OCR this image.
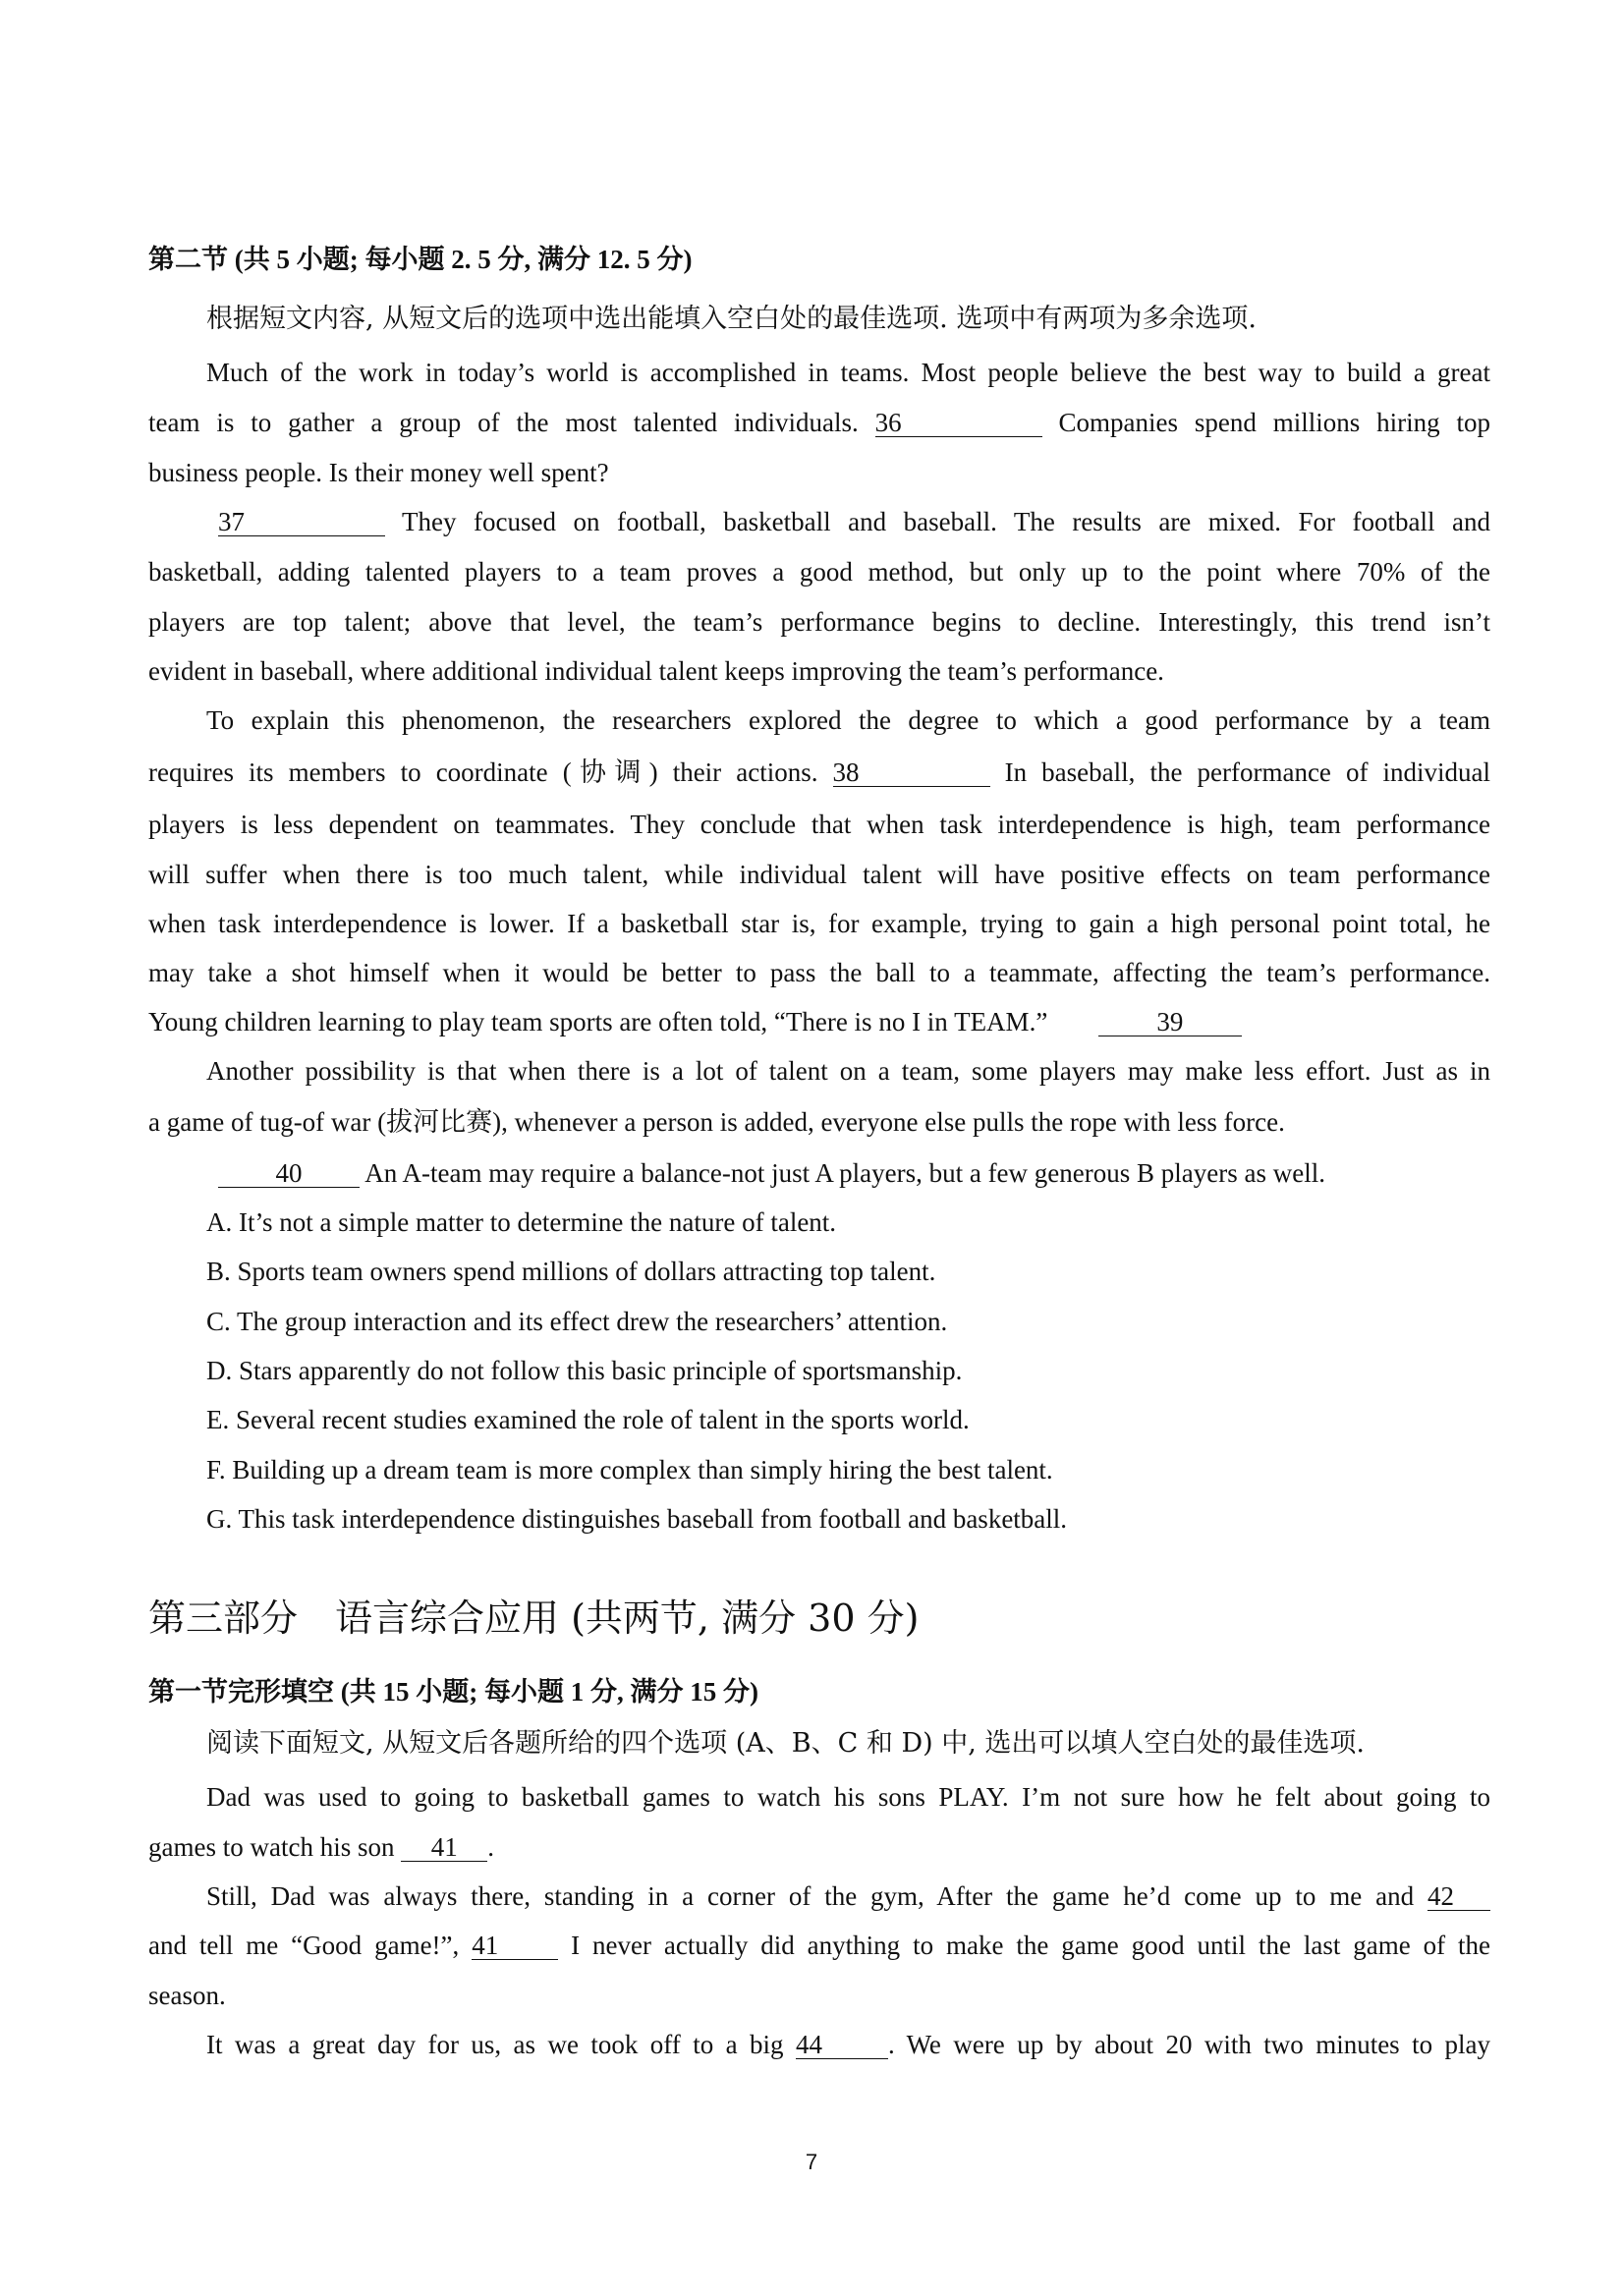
第二节 (共 5 小题; 每小题 2. 5 分, 满分 12. 5 分)
根据短文内容, 从短文后的选项中选出能填入空白处的最佳选项. 选项中有两项为多余选项.
Much of the work in today’s world is accomplished in teams. Most people believe the best way to build a great
team is to gather a group of the most talented individuals. 36	Companies spend millions hiring top
business people. Is their money well spent?
37	They focused on football, basketball and baseball. The results are mixed. For football and
basketball, adding talented players to a team proves a good method, but only up to the point where 70% of the
players are top talent; above that level, the team’s performance begins to decline. Interestingly, this trend isn’t
evident in baseball, where additional individual talent keeps improving the team’s performance.
To explain this phenomenon, the researchers explored the degree to which a good performance by a team
requires its members to coordinate (协调) their actions. 38	In baseball, the performance of individual
players is less dependent on teammates. They conclude that when task interdependence is high, team performance
will suffer when there is too much talent, while individual talent will have positive effects on team performance
when task interdependence is lower. If a basketball star is, for example, trying to gain a high personal point total, he
may take a shot himself when it would be better to pass the ball to a teammate, affecting the team’s performance.
Young children learning to play team sports are often told, “There is no I in TEAM.”	39
Another possibility is that when there is a lot of talent on a team, some players may make less effort. Just as in
a game of tug-of war (拔河比赛), whenever a person is added, everyone else pulls the rope with less force.
40 An A-team may require a balance-not just A players, but a few generous B players as well.
A. It’s not a simple matter to determine the nature of talent.
B. Sports team owners spend millions of dollars attracting top talent.
C. The group interaction and its effect drew the researchers’ attention.
D. Stars apparently do not follow this basic principle of sportsmanship.
E. Several recent studies examined the role of talent in the sports world.
F. Building up a dream team is more complex than simply hiring the best talent.
G. This task interdependence distinguishes baseball from football and basketball.
第三部分　语言综合应用 (共两节, 满分 30 分)
第一节完形填空 (共 15 小题; 每小题 1 分, 满分 15 分)
阅读下面短文, 从短文后各题所给的四个选项 (A、B、C 和 D) 中, 选出可以填人空白处的最佳选项.
Dad was used to going to basketball games to watch his sons PLAY. I’m not sure how he felt about going to
games to watch his son 41 .
Still, Dad was always there, standing in a corner of the gym, After the game he’d come up to me and 42
and tell me “Good game!”, 41	I never actually did anything to make the game good until the last game of the
season.
It was a great day for us, as we took off to a big 44 . We were up by about 20 with two minutes to play
7
